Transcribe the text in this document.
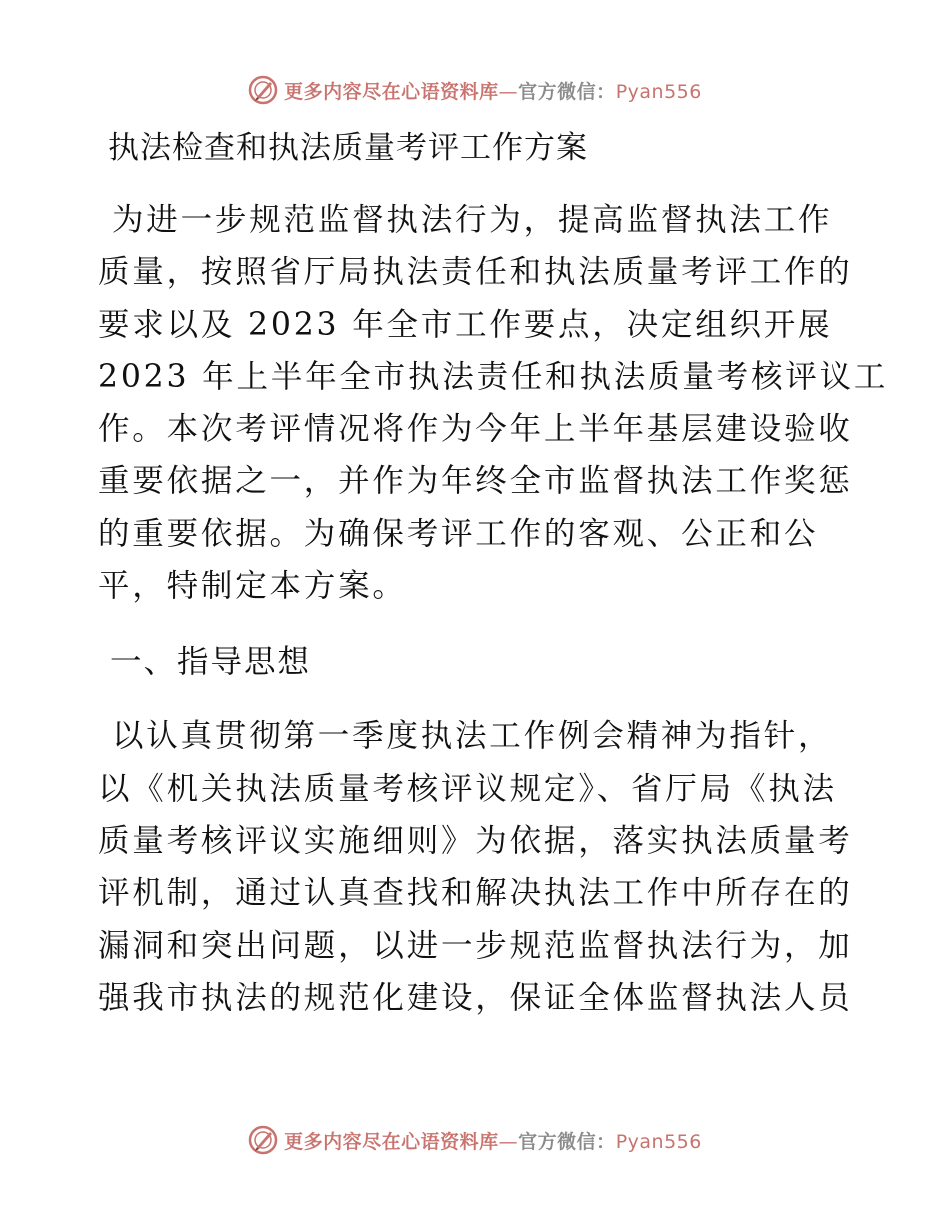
更多内容尽在心语资料库—官方微信：Pyan556
执法检查和执法质量考评工作方案
为进一步规范监督执法行为，提高监督执法工作
质量，按照省厅局执法责任和执法质量考评工作的
要求以及 2023 年全市工作要点，决定组织开展
2023 年上半年全市执法责任和执法质量考核评议工
作。本次考评情况将作为今年上半年基层建设验收
重要依据之一，并作为年终全市监督执法工作奖惩
的重要依据。为确保考评工作的客观、公正和公
平，特制定本方案。
一、指导思想
以认真贯彻第一季度执法工作例会精神为指针，
以《机关执法质量考核评议规定》、省厅局《执法
质量考核评议实施细则》为依据，落实执法质量考
评机制，通过认真查找和解决执法工作中所存在的
漏洞和突出问题，以进一步规范监督执法行为，加
强我市执法的规范化建设，保证全体监督执法人员
更多内容尽在心语资料库—官方微信：Pyan556
